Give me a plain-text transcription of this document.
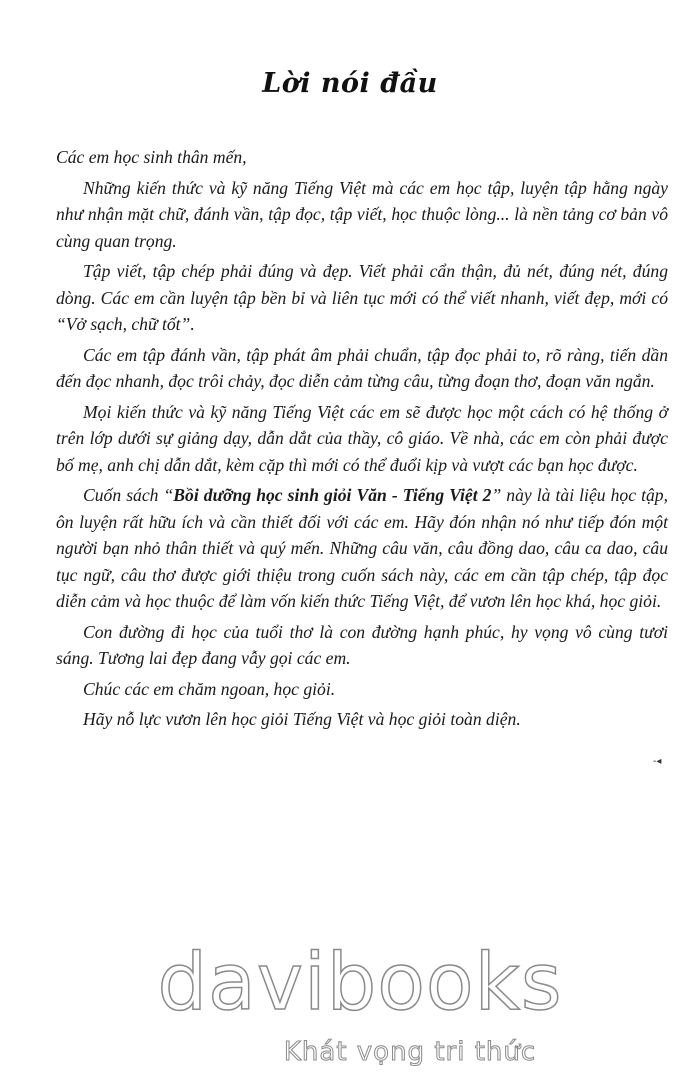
Lời nói đầu

Các em học sinh thân mến,

Những kiến thức và kỹ năng Tiếng Việt mà các em học tập, luyện tập hằng ngày như nhận mặt chữ, đánh vần, tập đọc, tập viết, học thuộc lòng... là nền tảng cơ bản vô cùng quan trọng.

Tập viết, tập chép phải đúng và đẹp. Viết phải cẩn thận, đủ nét, đúng nét, đúng dòng. Các em cần luyện tập bền bỉ và liên tục mới có thể viết nhanh, viết đẹp, mới có “Vở sạch, chữ tốt”.

Các em tập đánh vần, tập phát âm phải chuẩn, tập đọc phải to, rõ ràng, tiến dần đến đọc nhanh, đọc trôi chảy, đọc diễn cảm từng câu, từng đoạn thơ, đoạn văn ngắn.

Mọi kiến thức và kỹ năng Tiếng Việt các em sẽ được học một cách có hệ thống ở trên lớp dưới sự giảng dạy, dẫn dắt của thầy, cô giáo. Về nhà, các em còn phải được bố mẹ, anh chị dẫn dắt, kèm cặp thì mới có thể đuổi kịp và vượt các bạn học được.

Cuốn sách “Bồi dưỡng học sinh giỏi Văn - Tiếng Việt 2” này là tài liệu học tập, ôn luyện rất hữu ích và cần thiết đối với các em. Hãy đón nhận nó như tiếp đón một người bạn nhỏ thân thiết và quý mến. Những câu văn, câu đồng dao, câu ca dao, câu tục ngữ, câu thơ được giới thiệu trong cuốn sách này, các em cần tập chép, tập đọc diễn cảm và học thuộc để làm vốn kiến thức Tiếng Việt, để vươn lên học khá, học giỏi.

Con đường đi học của tuổi thơ là con đường hạnh phúc, hy vọng vô cùng tươi sáng. Tương lai đẹp đang vẫy gọi các em.

Chúc các em chăm ngoan, học giỏi.

Hãy nỗ lực vươn lên học giỏi Tiếng Việt và học giỏi toàn diện.

-◂
davibooks
Khát vọng tri thức
